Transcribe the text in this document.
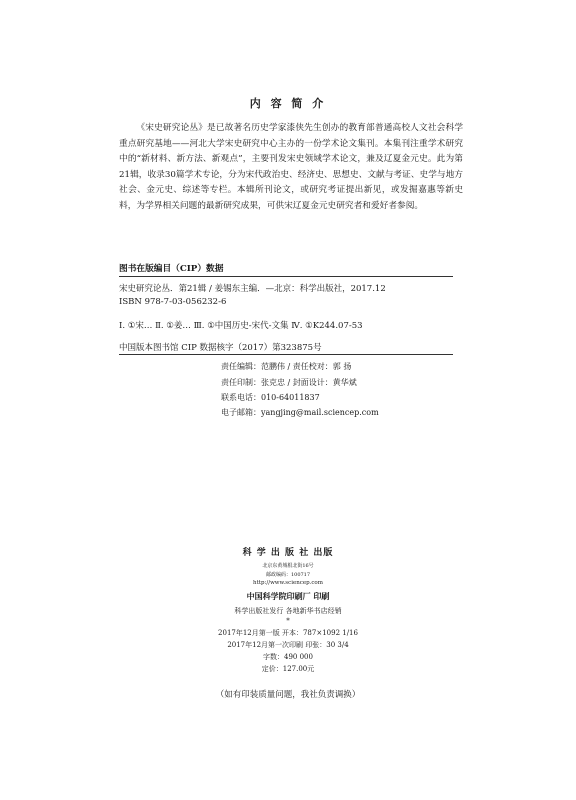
内 容 简 介

《宋史研究论丛》是已故著名历史学家漆侠先生创办的教育部普通高校人文社会科学重点研究基地——河北大学宋史研究中心主办的一份学术论文集刊。本集刊注重学术研究中的“新材料、新方法、新观点”，主要刊发宋史领域学术论文，兼及辽夏金元史。此为第21辑，收录30篇学术专论，分为宋代政治史、经济史、思想史、文献与考证、史学与地方社会、金元史、综述等专栏。本辑所刊论文，或研究考证提出新见，或发掘嘉惠等新史料，为学界相关问题的最新研究成果，可供宋辽夏金元史研究者和爱好者参阅。

图书在版编目（CIP）数据
宋史研究论丛．第21辑 / 姜锡东主编．—北京：科学出版社，2017.12
ISBN 978-7-03-056232-6
Ⅰ. ①宋… Ⅱ. ①姜… Ⅲ. ①中国历史-宋代-文集 Ⅳ. ①K244.07-53
中国版本图书馆 CIP 数据核字（2017）第323875号
责任编辑：范鹏伟 / 责任校对：郭 扬
责任印制：张克忠 / 封面设计：黄华斌
联系电话：010-64011837
电子邮箱：yangjing@mail.sciencep.com
科 学 出 版 社 出版
北京东黄城根北街16号
邮政编码：100717
http://www.sciencep.com
中国科学院印刷厂 印刷
科学出版社发行 各地新华书店经销
*
2017年12月第一版 开本：787×1092 1/16
2017年12月第一次印刷 印张：30 3/4
字数：490 000
定价：127.00元
（如有印装质量问题，我社负责调换）
